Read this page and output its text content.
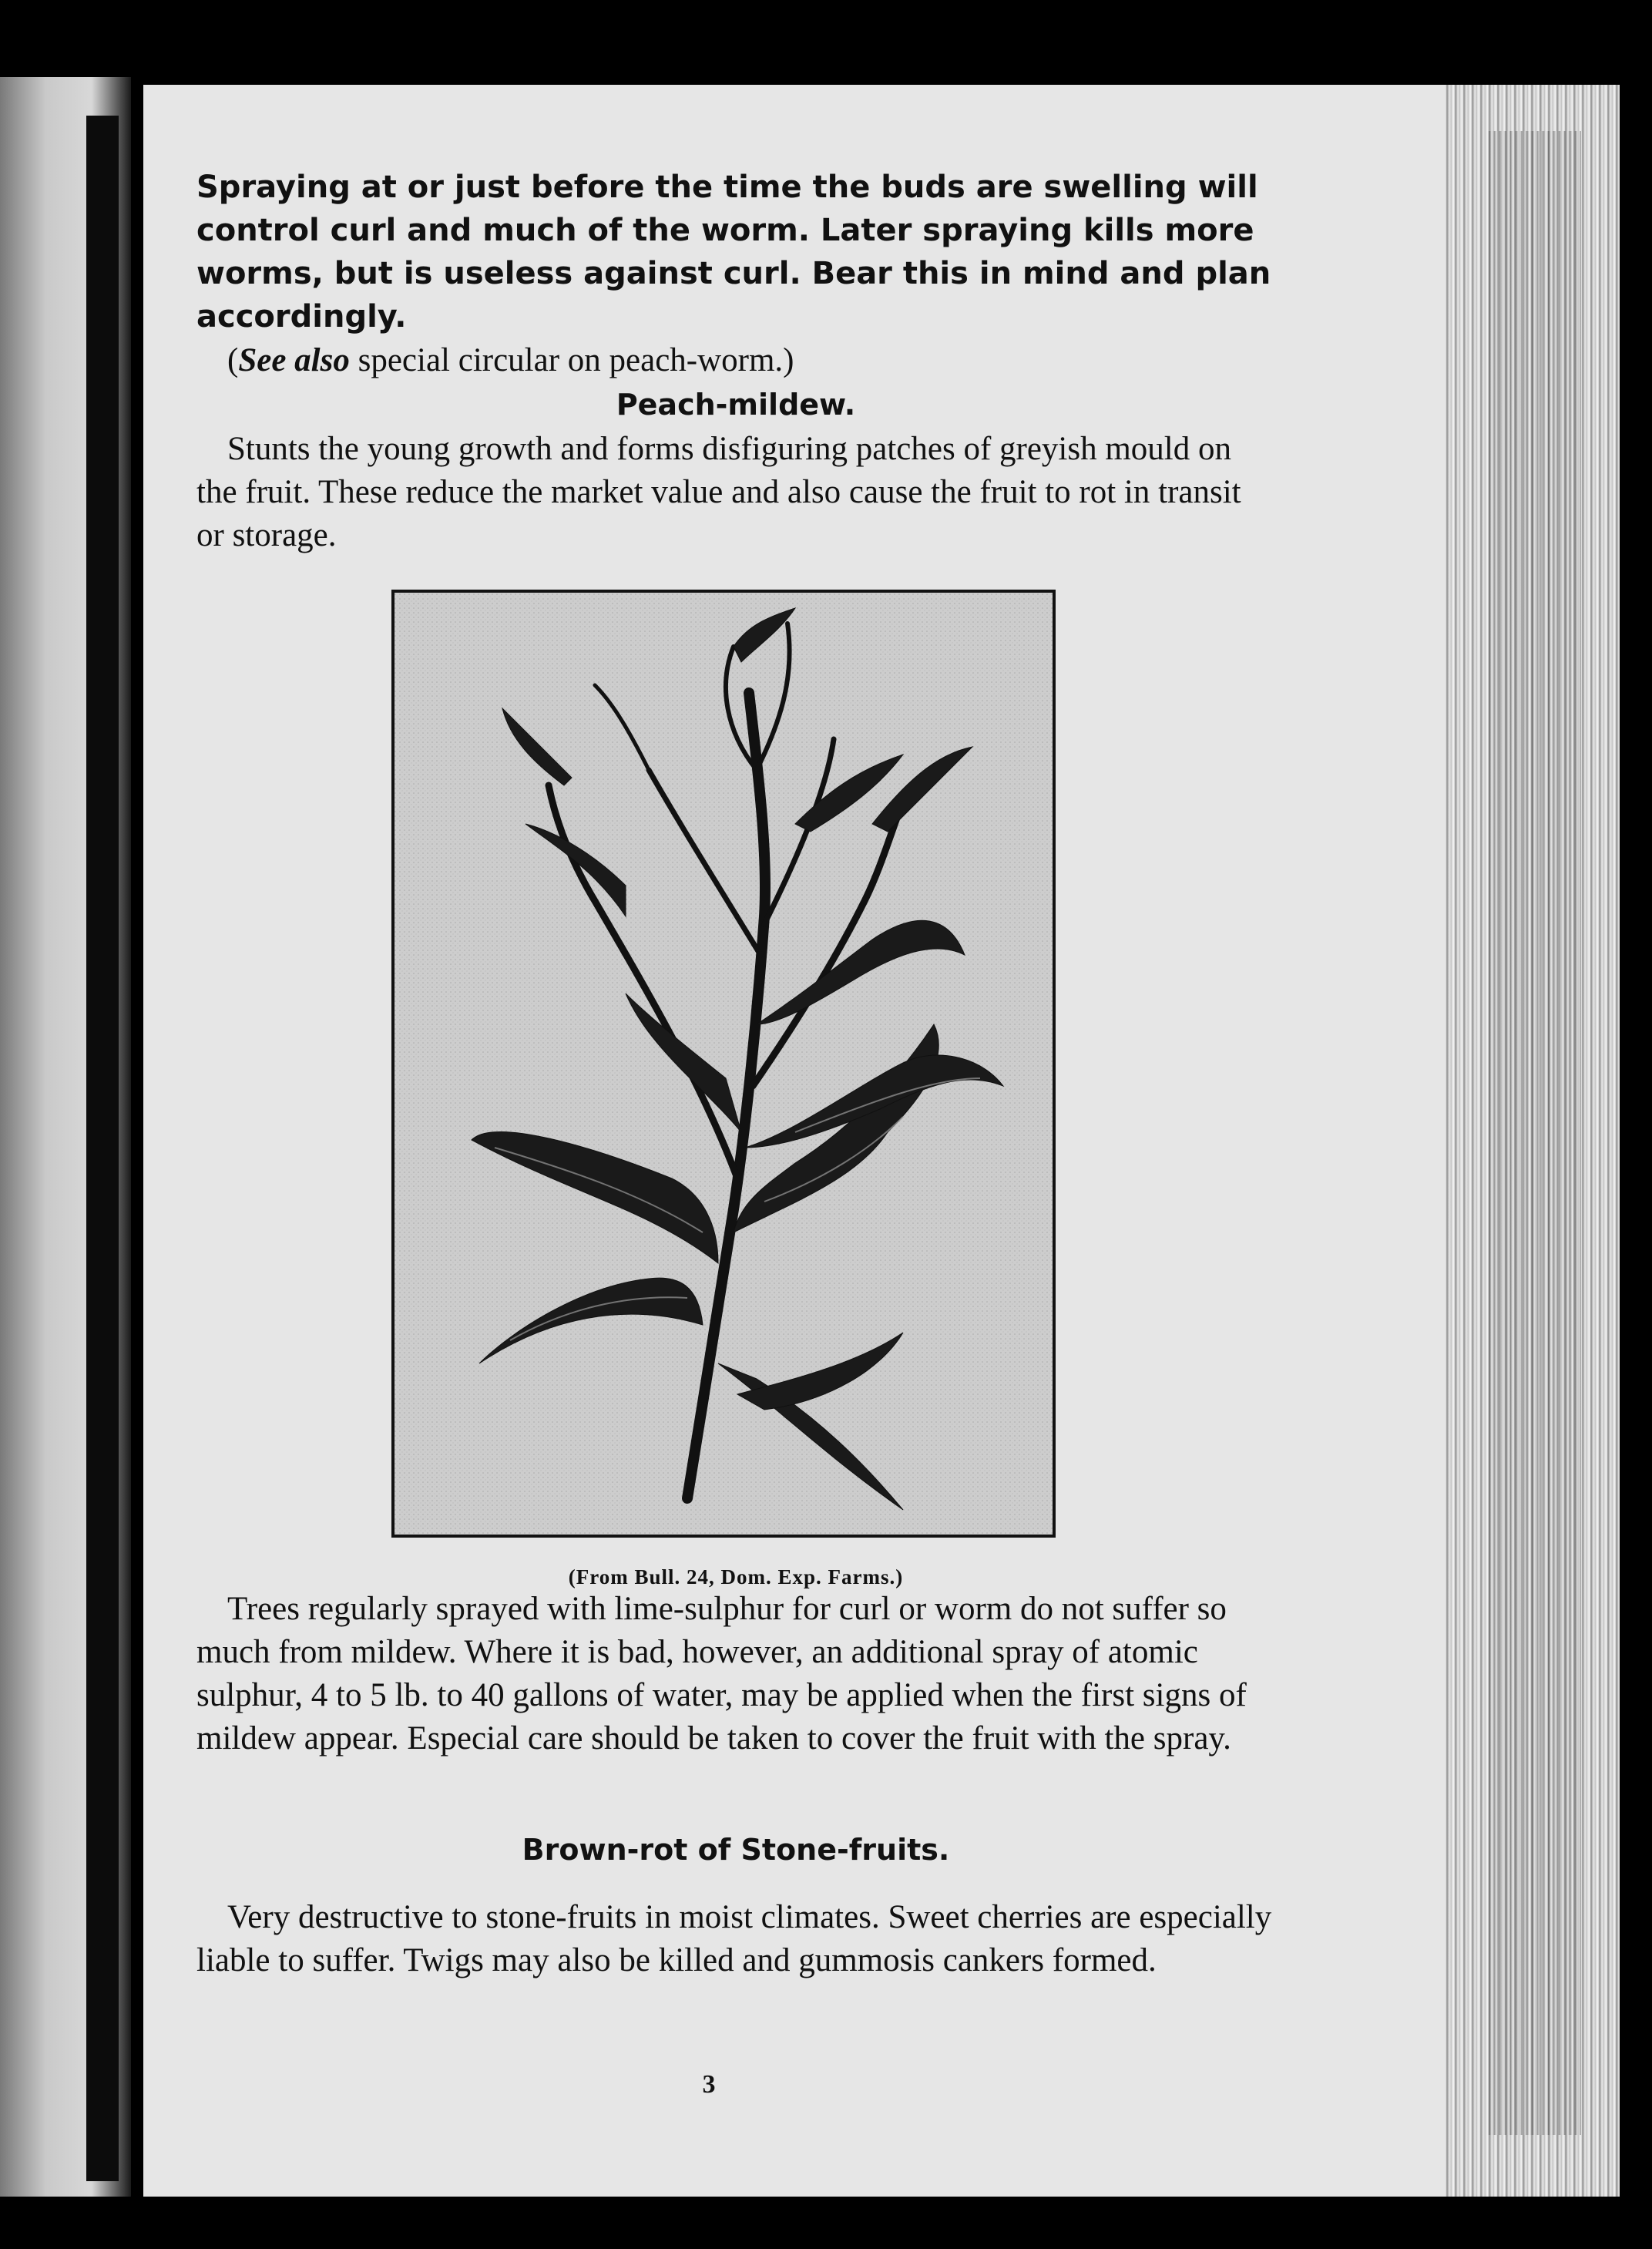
Spraying at or just before the time the buds are swelling will control curl and much of the worm. Later spraying kills more worms, but is useless against curl. Bear this in mind and plan accordingly.

(See also special circular on peach-worm.)

Peach-mildew.

Stunts the young growth and forms disfiguring patches of greyish mould on the fruit. These reduce the market value and also cause the fruit to rot in transit or storage.

(From Bull. 24, Dom. Exp. Farms.)

Trees regularly sprayed with lime-sulphur for curl or worm do not suffer so much from mildew. Where it is bad, however, an additional spray of atomic sulphur, 4 to 5 lb. to 40 gallons of water, may be applied when the first signs of mildew appear. Especial care should be taken to cover the fruit with the spray.

Brown-rot of Stone-fruits.

Very destructive to stone-fruits in moist climates. Sweet cherries are especially liable to suffer. Twigs may also be killed and gummosis cankers formed.

3
